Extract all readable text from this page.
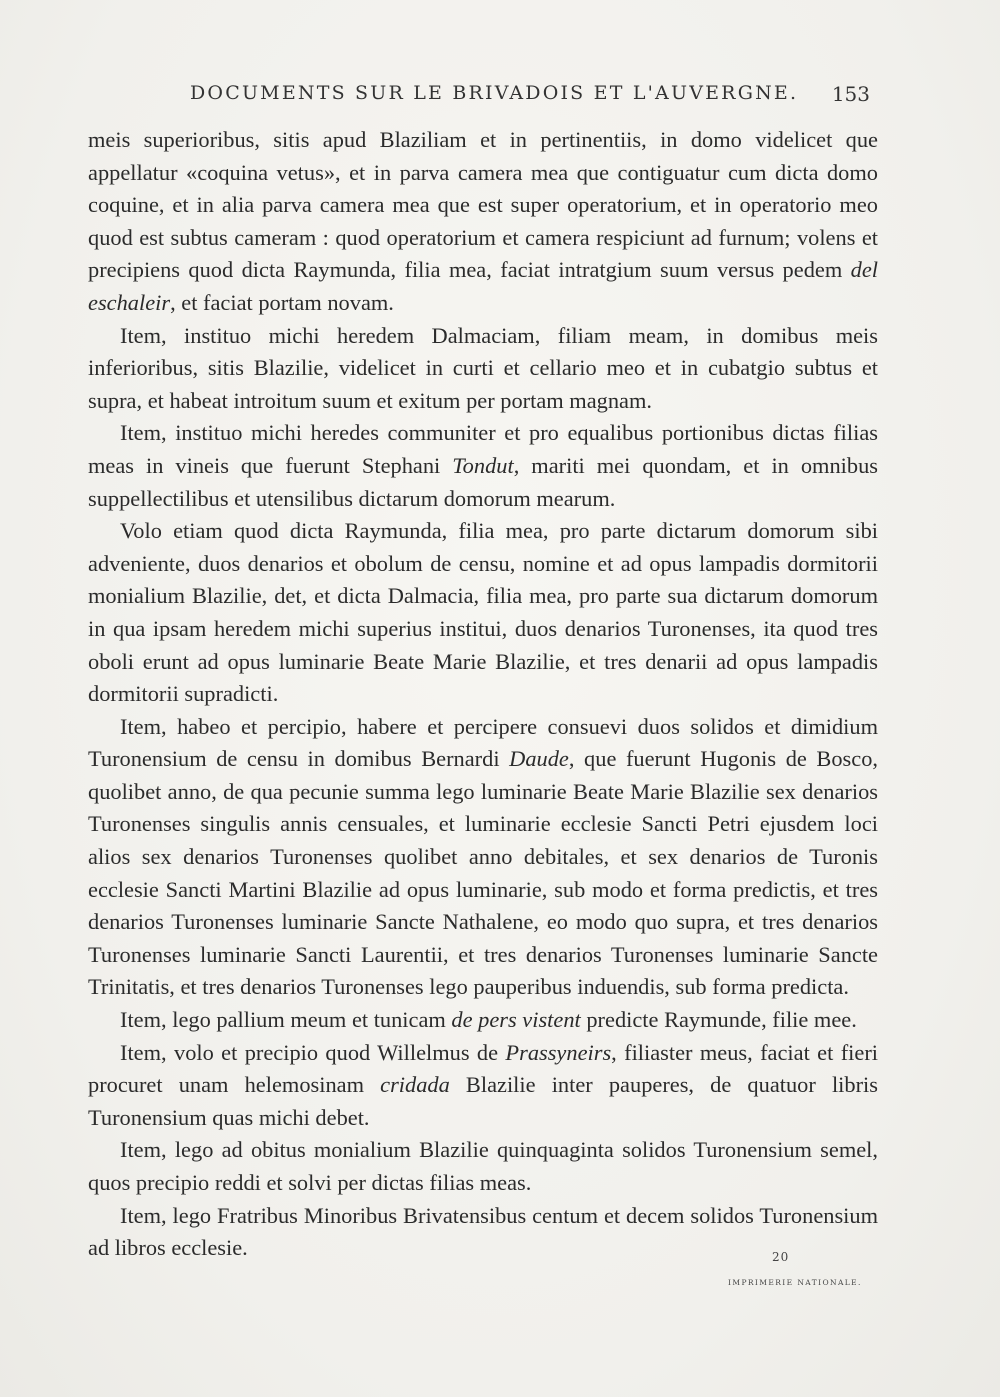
DOCUMENTS SUR LE BRIVADOIS ET L'AUVERGNE. 153

meis superioribus, sitis apud Blaziliam et in pertinentiis, in domo videlicet que appellatur «coquina vetus», et in parva camera mea que contiguatur cum dicta domo coquine, et in alia parva camera mea que est super operatorium, et in operatorio meo quod est subtus cameram : quod operatorium et camera respiciunt ad furnum; volens et precipiens quod dicta Raymunda, filia mea, faciat intratgium suum versus pedem del eschaleir, et faciat portam novam.

Item, instituo michi heredem Dalmaciam, filiam meam, in domibus meis inferioribus, sitis Blazilie, videlicet in curti et cellario meo et in cubatgio subtus et supra, et habeat introitum suum et exitum per portam magnam.

Item, instituo michi heredes communiter et pro equalibus portionibus dictas filias meas in vineis que fuerunt Stephani Tondut, mariti mei quondam, et in omnibus suppellectilibus et utensilibus dictarum domorum mearum.

Volo etiam quod dicta Raymunda, filia mea, pro parte dictarum domorum sibi adveniente, duos denarios et obolum de censu, nomine et ad opus lampadis dormitorii monialium Blazilie, det, et dicta Dalmacia, filia mea, pro parte sua dictarum domorum in qua ipsam heredem michi superius institui, duos denarios Turonenses, ita quod tres oboli erunt ad opus luminarie Beate Marie Blazilie, et tres denarii ad opus lampadis dormitorii supradicti.

Item, habeo et percipio, habere et percipere consuevi duos solidos et dimidium Turonensium de censu in domibus Bernardi Daude, que fuerunt Hugonis de Bosco, quolibet anno, de qua pecunie summa lego luminarie Beate Marie Blazilie sex denarios Turonenses singulis annis censuales, et luminarie ecclesie Sancti Petri ejusdem loci alios sex denarios Turonenses quolibet anno debitales, et sex denarios de Turonis ecclesie Sancti Martini Blazilie ad opus luminarie, sub modo et forma predictis, et tres denarios Turonenses luminarie Sancte Nathalene, eo modo quo supra, et tres denarios Turonenses luminarie Sancti Laurentii, et tres denarios Turonenses luminarie Sancte Trinitatis, et tres denarios Turonenses lego pauperibus induendis, sub forma predicta.

Item, lego pallium meum et tunicam de pers vistent predicte Raymunde, filie mee.

Item, volo et precipio quod Willelmus de Prassyneirs, filiaster meus, faciat et fieri procuret unam helemosinam cridada Blazilie inter pauperes, de quatuor libris Turonensium quas michi debet.

Item, lego ad obitus monialium Blazilie quinquaginta solidos Turonensium semel, quos precipio reddi et solvi per dictas filias meas.

Item, lego Fratribus Minoribus Brivatensibus centum et decem solidos Turonensium ad libros ecclesie.	20
IMPRIMERIE NATIONALE.
